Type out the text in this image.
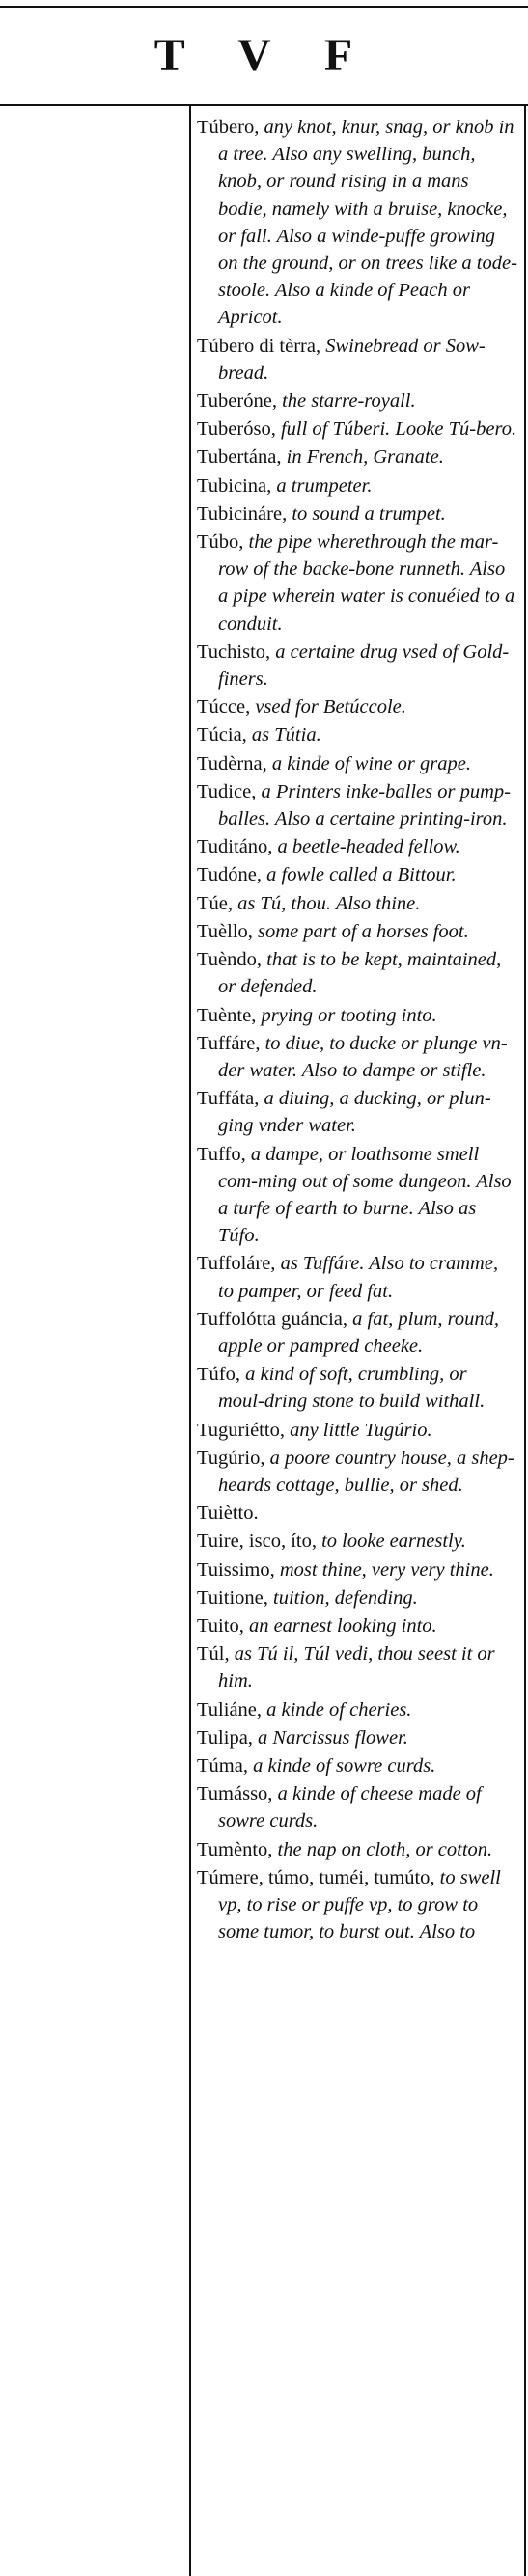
T V F
Túbero, any knot, knur, snag, or knob in a tree. Also any swelling, bunch, knob, or round rising in a mans bodie, namely with a bruise, knocke, or fall. Also a winde-puffe growing on the ground, or on trees like a tode-stoole. Also a kinde of Peach or Apricot.
Túbero di tèrra, Swinebread or Sow-bread.
Tuberóne, the starre-royall.
Tuberóso, full of Túberi. Looke Tú-bero.
Tubertána, in French, Granate.
Tubicina, a trumpeter.
Tubicináre, to sound a trumpet.
Túbo, the pipe wherethrough the mar-row of the backe-bone runneth. Also a pipe wherein water is conuéied to a conduit.
Tuchisto, a certaine drug vsed of Gold-finers.
Túcce, vsed for Betúccole.
Túcia, as Tútia.
Tudèrna, a kinde of wine or grape.
Tudice, a Printers inke-balles or pump-balles. Also a certaine printing-iron.
Tuditáno, a beetle-headed fellow.
Tudóne, a fowle called a Bittour.
Túe, as Tú, thou. Also thine.
Tuèllo, some part of a horses foot.
Tuèndo, that is to be kept, maintained, or defended.
Tuènte, prying or tooting into.
Tuffáre, to diue, to ducke or plunge vn-der water. Also to dampe or stifle.
Tuffáta, a diuing, a ducking, or plun-ging vnder water.
Tuffo, a dampe, or loathsome smell com-ming out of some dungeon. Also a turfe of earth to burne. Also as Túfo.
Tuffoláre, as Tuffáre. Also to cramme, to pamper, or feed fat.
Tuffolótta guáncia, a fat, plum, round, apple or pampred cheeke.
Túfo, a kind of soft, crumbling, or moul-dring stone to build withall.
Tuguriétto, any little Tugúrio.
Tugúrio, a poore country house, a shep-heards cottage, bullie, or shed.
Tuiètto.
Tuire, isco, íto, to looke earnestly.
Tuissimo, most thine, very very thine.
Tuitione, tuition, defending.
Tuito, an earnest looking into.
Túl, as Tú il, Túl vedi, thou seest it or him.
Tuliáne, a kinde of cheries.
Tulipa, a Narcissus flower.
Túma, a kinde of sowre curds.
Tumásso, a kinde of cheese made of sowre curds.
Tumènto, the nap on cloth, or cotton.
Túmere, túmo, tuméi, tumúto, to swell vp, to rise or puffe vp, to grow to some tumor, to burst out. Also to
